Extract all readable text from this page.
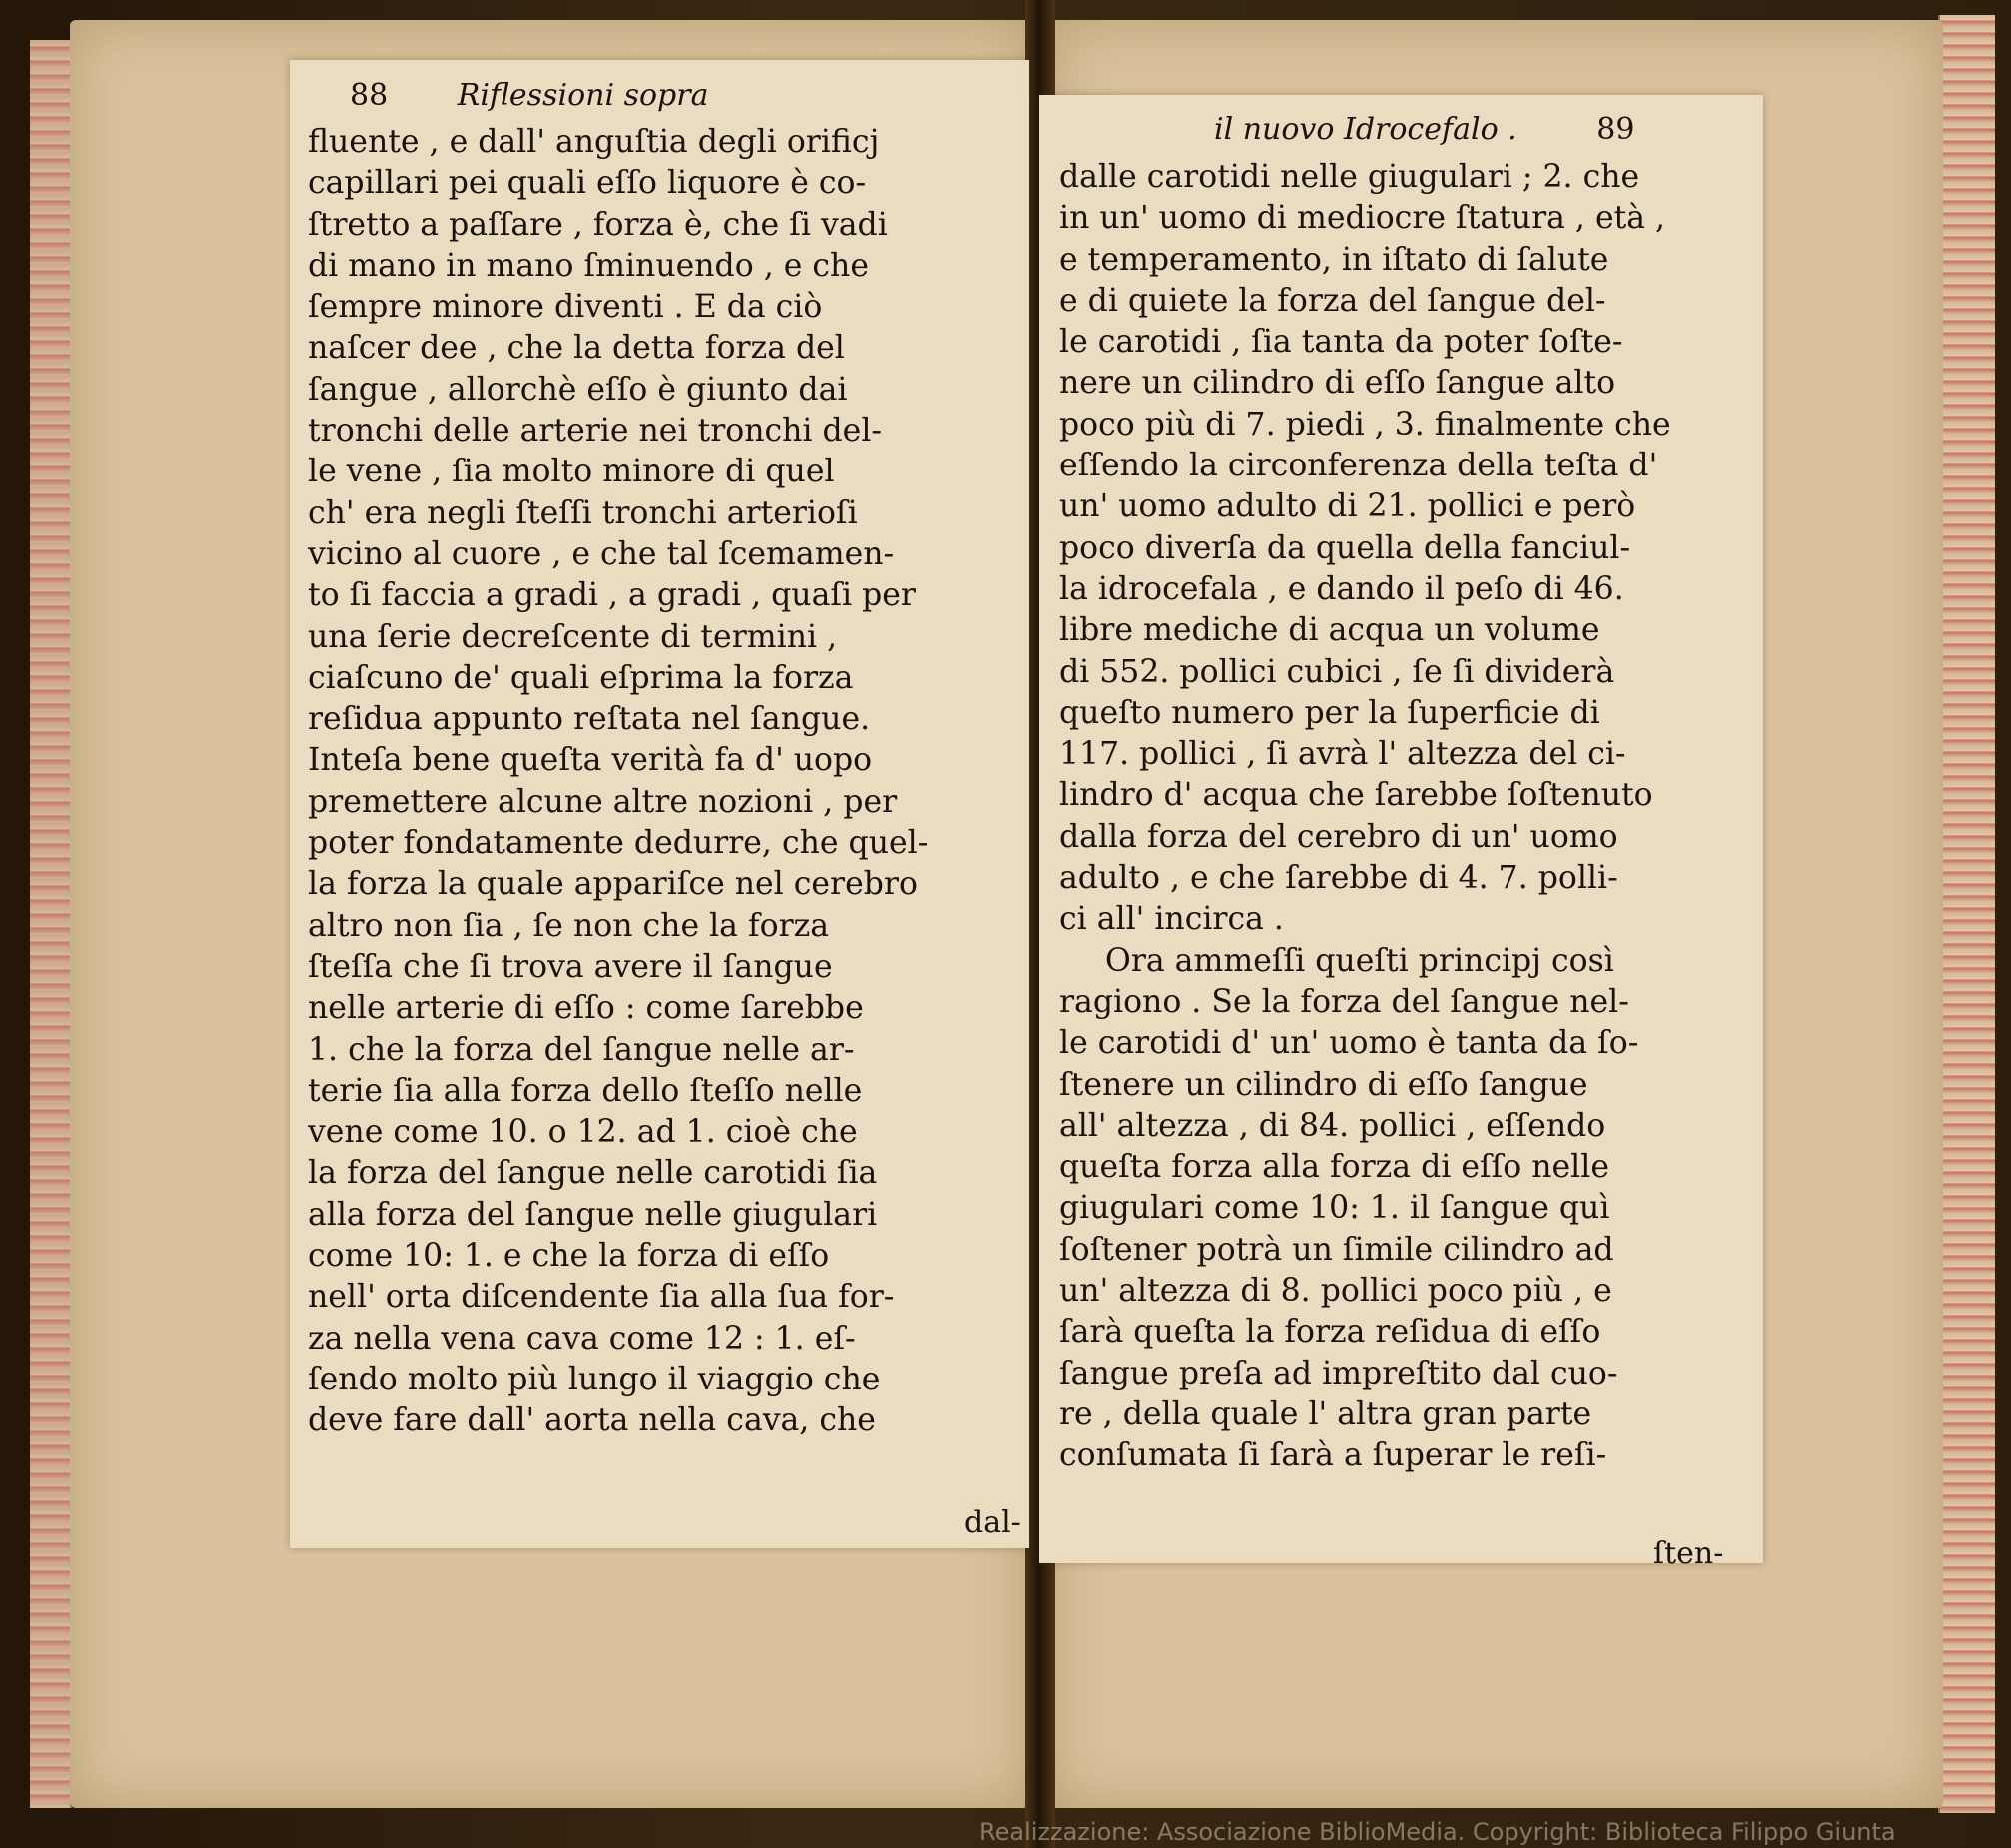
88 Riflessioni sopra
il nuovo Idrocefalo .	89
fluente , e dall' anguſtia degli orificj
capillari pei quali eſſo liquore è co-
ſtretto a paſſare , forza è, che ſi vadi
di mano in mano ſminuendo , e che
ſempre minore diventi . E da ciò
naſcer dee , che la detta forza del
ſangue , allorchè eſſo è giunto dai
tronchi delle arterie nei tronchi del-
le vene , ſia molto minore di quel
ch' era negli ſteſſi tronchi arterioſi
vicino al cuore , e che tal ſcemamen-
to ſi faccia a gradi , a gradi , quaſi per
una ſerie decreſcente di termini ,
ciaſcuno de' quali eſprima la forza
reſidua appunto reſtata nel ſangue.
Inteſa bene queſta verità fa d' uopo
premettere alcune altre nozioni , per
poter fondatamente dedurre, che quel-
la forza la quale appariſce nel cerebro
altro non ſia , ſe non che la forza
ſteſſa che ſi trova avere il ſangue
nelle arterie di eſſo : come ſarebbe
1. che la forza del ſangue nelle ar-
terie ſia alla forza dello ſteſſo nelle
vene come 10. o 12. ad 1. cioè che
la forza del ſangue nelle carotidi ſia
alla forza del ſangue nelle giugulari
come 10: 1. e che la forza di eſſo
nell' orta diſcendente ſia alla ſua for-
za nella vena cava come 12 : 1. eſ-
ſendo molto più lungo il viaggio che
deve fare dall' aorta nella cava, che
dalle carotidi nelle giugulari ; 2. che
in un' uomo di mediocre ſtatura , età ,
e temperamento, in iſtato di ſalute
e di quiete la forza del ſangue del-
le carotidi , ſia tanta da poter ſoſte-
nere un cilindro di eſſo ſangue alto
poco più di 7. piedi , 3. finalmente che
eſſendo la circonferenza della teſta d'
un' uomo adulto di 21. pollici e però
poco diverſa da quella della fanciul-
la idrocefala , e dando il peſo di 46.
libre mediche di acqua un volume
di 552. pollici cubici , ſe ſi dividerà
queſto numero per la ſuperficie di
117. pollici , ſi avrà l' altezza del ci-
lindro d' acqua che ſarebbe ſoſtenuto
dalla forza del cerebro di un' uomo
adulto , e che ſarebbe di 4. 7. polli-
ci all' incirca .
Ora ammeſſi queſti principj così
ragiono . Se la forza del ſangue nel-
le carotidi d' un' uomo è tanta da ſo-
ſtenere un cilindro di eſſo ſangue
all' altezza , di 84. pollici , eſſendo
queſta forza alla forza di eſſo nelle
giugulari come 10: 1. il ſangue quì
ſoſtener potrà un ſimile cilindro ad
un' altezza di 8. pollici poco più , e
ſarà queſta la forza reſidua di eſſo
ſangue preſa ad impreſtito dal cuo-
re , della quale l' altra gran parte
conſumata ſi ſarà a ſuperar le reſi-
dal-
ſten-
Realizzazione: Associazione BiblioMedia. Copyright: Biblioteca Filippo Giunta
